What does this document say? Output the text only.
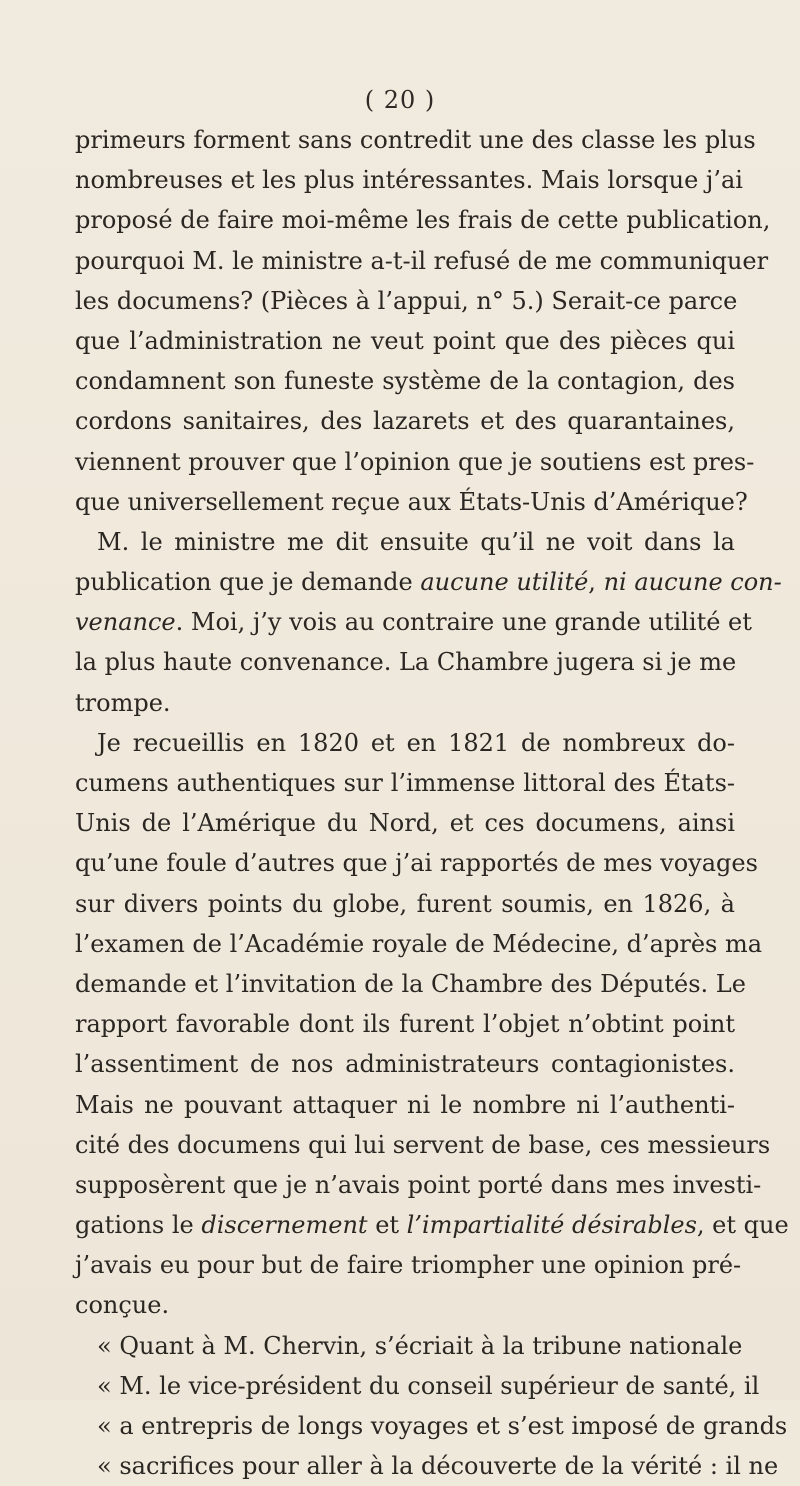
( 20 )
primeurs forment sans contredit une des classe les plus
nombreuses et les plus intéressantes. Mais lorsque j’ai
proposé de faire moi-même les frais de cette publication,
pourquoi M. le ministre a-t-il refusé de me communiquer
les documens? (Pièces à l’appui, n° 5.) Serait-ce parce
que l’administration ne veut point que des pièces qui
condamnent son funeste système de la contagion, des
cordons sanitaires, des lazarets et des quarantaines,
viennent prouver que l’opinion que je soutiens est pres-
que universellement reçue aux États-Unis d’Amérique?
M. le ministre me dit ensuite qu’il ne voit dans la
publication que je demande aucune utilité, ni aucune con-
venance. Moi, j’y vois au contraire une grande utilité et
la plus haute convenance. La Chambre jugera si je me
trompe.
Je recueillis en 1820 et en 1821 de nombreux do-
cumens authentiques sur l’immense littoral des États-
Unis de l’Amérique du Nord, et ces documens, ainsi
qu’une foule d’autres que j’ai rapportés de mes voyages
sur divers points du globe, furent soumis, en 1826, à
l’examen de l’Académie royale de Médecine, d’après ma
demande et l’invitation de la Chambre des Députés. Le
rapport favorable dont ils furent l’objet n’obtint point
l’assentiment de nos administrateurs contagionistes.
Mais ne pouvant attaquer ni le nombre ni l’authenti-
cité des documens qui lui servent de base, ces messieurs
supposèrent que je n’avais point porté dans mes investi-
gations le discernement et l’impartialité désirables, et que
j’avais eu pour but de faire triompher une opinion pré-
conçue.
« Quant à M. Chervin, s’écriait à la tribune nationale
« M. le vice-président du conseil supérieur de santé, il
« a entrepris de longs voyages et s’est imposé de grands
« sacrifices pour aller à la découverte de la vérité : il ne
